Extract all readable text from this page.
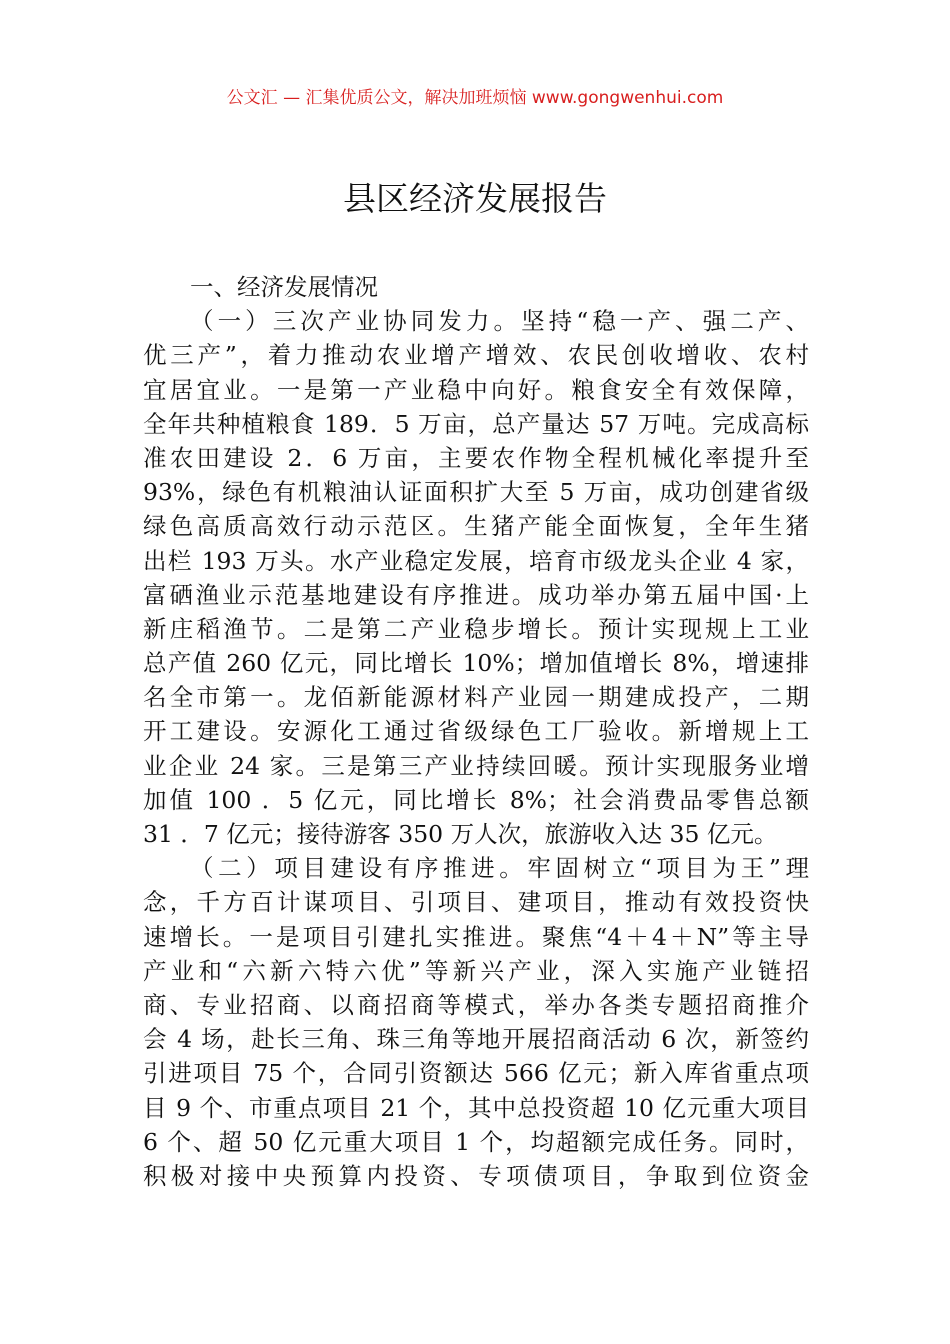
公文汇 — 汇集优质公文，解决加班烦恼 www.gongwenhui.com
县区经济发展报告
一、经济发展情况
（一）三次产业协同发力。坚持“稳一产、强二产、
优三产”，着力推动农业增产增效、农民创收增收、农村
宜居宜业。一是第一产业稳中向好。粮食安全有效保障，
全年共种植粮食 189．5 万亩，总产量达 57 万吨。完成高标
准农田建设 2．6 万亩，主要农作物全程机械化率提升至
93%，绿色有机粮油认证面积扩大至 5 万亩，成功创建省级
绿色高质高效行动示范区。生猪产能全面恢复，全年生猪
出栏 193 万头。水产业稳定发展，培育市级龙头企业 4 家，
富硒渔业示范基地建设有序推进。成功举办第五届中国·上
新庄稻渔节。二是第二产业稳步增长。预计实现规上工业
总产值 260 亿元，同比增长 10%；增加值增长 8%，增速排
名全市第一。龙佰新能源材料产业园一期建成投产，二期
开工建设。安源化工通过省级绿色工厂验收。新增规上工
业企业 24 家。三是第三产业持续回暖。预计实现服务业增
加值 100 ．5 亿元，同比增长 8%；社会消费品零售总额
31 ．7 亿元；接待游客 350 万人次，旅游收入达 35 亿元。
（二）项目建设有序推进。牢固树立“项目为王”理
念，千方百计谋项目、引项目、建项目，推动有效投资快
速增长。一是项目引建扎实推进。聚焦“4＋4＋N”等主导
产业和“六新六特六优”等新兴产业，深入实施产业链招
商、专业招商、以商招商等模式，举办各类专题招商推介
会 4 场，赴长三角、珠三角等地开展招商活动 6 次，新签约
引进项目 75 个，合同引资额达 566 亿元；新入库省重点项
目 9 个、市重点项目 21 个，其中总投资超 10 亿元重大项目
6 个、超 50 亿元重大项目 1 个，均超额完成任务。同时，
积极对接中央预算内投资、专项债项目，争取到位资金
